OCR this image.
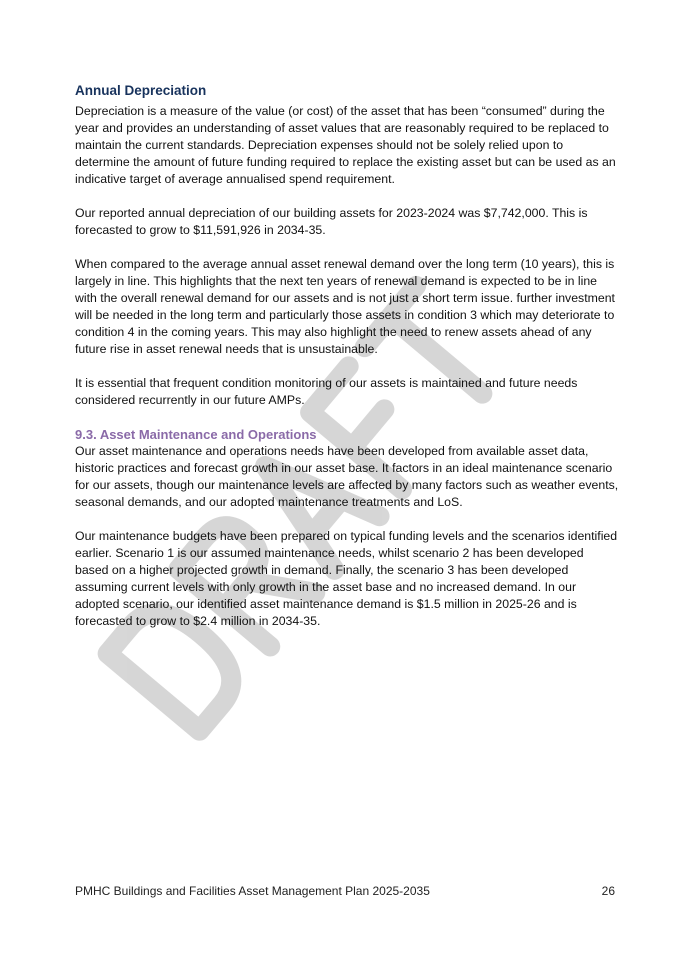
Annual Depreciation

Depreciation is a measure of the value (or cost) of the asset that has been “consumed” during the year and provides an understanding of asset values that are reasonably required to be replaced to maintain the current standards. Depreciation expenses should not be solely relied upon to determine the amount of future funding required to replace the existing asset but can be used as an indicative target of average annualised spend requirement.

Our reported annual depreciation of our building assets for 2023-2024 was $7,742,000. This is forecasted to grow to $11,591,926 in 2034-35.

When compared to the average annual asset renewal demand over the long term (10 years), this is largely in line. This highlights that the next ten years of renewal demand is expected to be in line with the overall renewal demand for our assets and is not just a short term issue. further investment will be needed in the long term and particularly those assets in condition 3 which may deteriorate to condition 4 in the coming years. This may also highlight the need to renew assets ahead of any future rise in asset renewal needs that is unsustainable.

It is essential that frequent condition monitoring of our assets is maintained and future needs considered recurrently in our future AMPs.

9.3. Asset Maintenance and Operations

Our asset maintenance and operations needs have been developed from available asset data, historic practices and forecast growth in our asset base. It factors in an ideal maintenance scenario for our assets, though our maintenance levels are affected by many factors such as weather events, seasonal demands, and our adopted maintenance treatments and LoS.

Our maintenance budgets have been prepared on typical funding levels and the scenarios identified earlier. Scenario 1 is our assumed maintenance needs, whilst scenario 2 has been developed based on a higher projected growth in demand. Finally, the scenario 3 has been developed assuming current levels with only growth in the asset base and no increased demand. In our adopted scenario, our identified asset maintenance demand is $1.5 million in 2025-26 and is forecasted to grow to $2.4 million in 2034-35.

PMHC Buildings and Facilities Asset Management Plan 2025-2035	26
